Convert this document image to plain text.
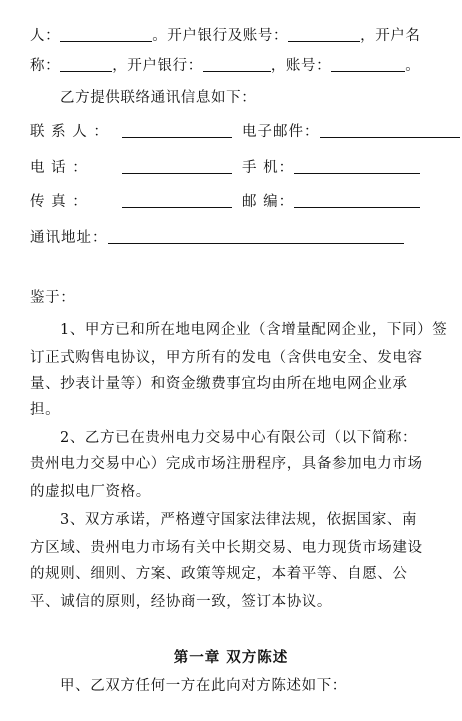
人：	。开户银行及账号：	，开户名
称：	，开户银行：	，账号：	。
乙方提供联络通讯信息如下：
联 系 人 ：	电子邮件：
电 话 ：	手 机：
传 真 ：	邮 编：
通讯地址：
鉴于：
1、甲方已和所在地电网企业（含增量配网企业，下同）签
订正式购售电协议，甲方所有的发电（含供电安全、发电容
量、抄表计量等）和资金缴费事宜均由所在地电网企业承
担。
2、乙方已在贵州电力交易中心有限公司（以下简称：
贵州电力交易中心）完成市场注册程序，具备参加电力市场
的虚拟电厂资格。
3、双方承诺，严格遵守国家法律法规，依据国家、南
方区域、贵州电力市场有关中长期交易、电力现货市场建设
的规则、细则、方案、政策等规定，本着平等、自愿、公
平、诚信的原则，经协商一致，签订本协议。
第一章 双方陈述
甲、乙双方任何一方在此向对方陈述如下：
